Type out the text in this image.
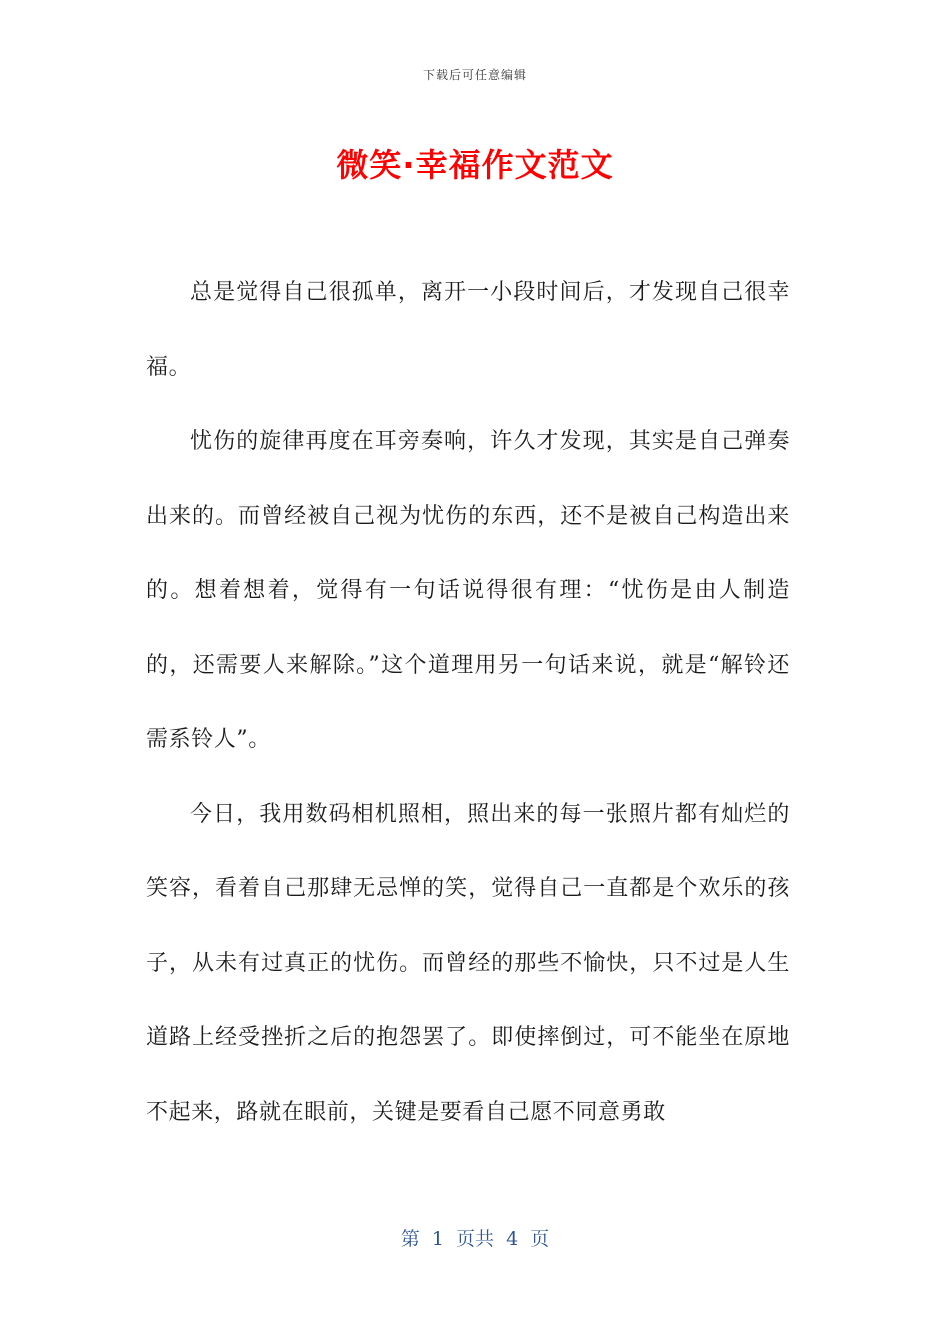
下载后可任意编辑
微笑·幸福作文范文

总是觉得自己很孤单，离开一小段时间后，才发现自己很幸福。

忧伤的旋律再度在耳旁奏响，许久才发现，其实是自己弹奏出来的。而曾经被自己视为忧伤的东西，还不是被自己构造出来的。想着想着，觉得有一句话说得很有理：“忧伤是由人制造的，还需要人来解除。”这个道理用另一句话来说，就是“解铃还需系铃人”。

今日，我用数码相机照相，照出来的每一张照片都有灿烂的笑容，看着自己那肆无忌惮的笑，觉得自己一直都是个欢乐的孩子，从未有过真正的忧伤。而曾经的那些不愉快，只不过是人生道路上经受挫折之后的抱怨罢了。即使摔倒过，可不能坐在原地不起来，路就在眼前，关键是要看自己愿不同意勇敢

第  1  页共  4  页
